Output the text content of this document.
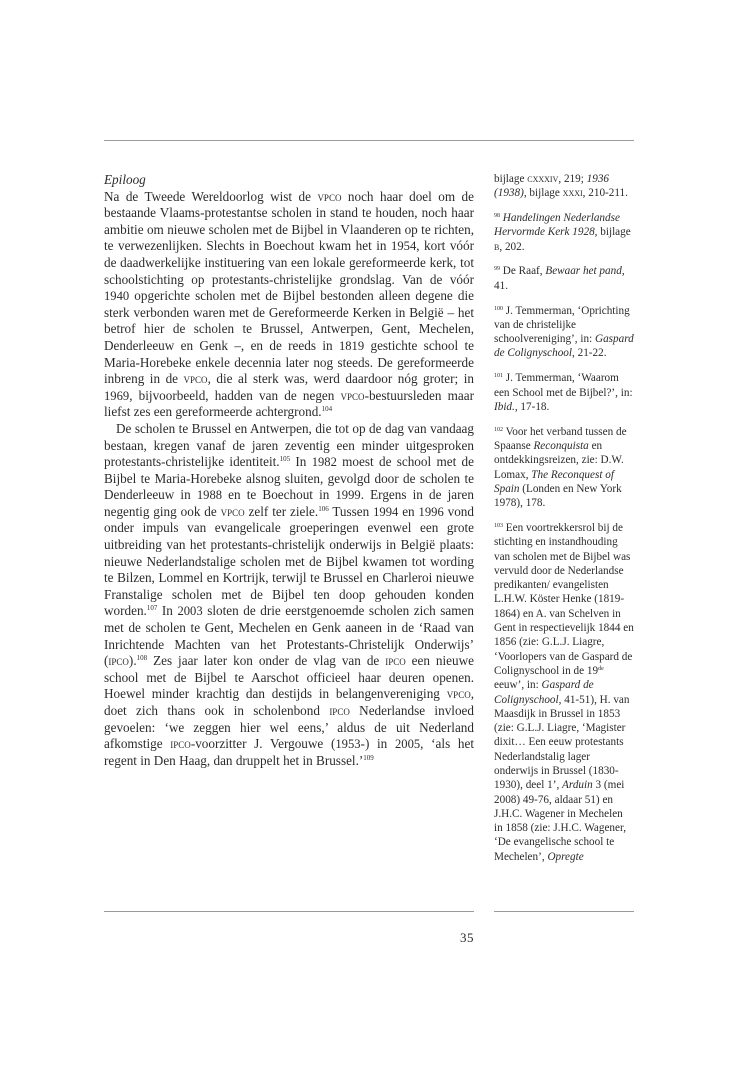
Epiloog

Na de Tweede Wereldoorlog wist de vpco noch haar doel om de bestaande Vlaams-protestantse scholen in stand te houden, noch haar ambitie om nieuwe scholen met de Bijbel in Vlaanderen op te richten, te verwezenlijken. Slechts in Boechout kwam het in 1954, kort vóór de daadwerkelijke instituering van een lokale gereformeerde kerk, tot schoolstichting op protestants-christelijke grondslag. Van de vóór 1940 opgerichte scholen met de Bijbel bestonden alleen degene die sterk verbonden waren met de Gereformeerde Kerken in België – het betrof hier de scholen te Brussel, Antwerpen, Gent, Mechelen, Denderleeuw en Genk –, en de reeds in 1819 gestichte school te Maria-Horebeke enkele decennia later nog steeds. De gereformeerde inbreng in de vpco, die al sterk was, werd daardoor nóg groter; in 1969, bijvoorbeeld, hadden van de negen vpco-bestuursleden maar liefst zes een gereformeerde achtergrond.$^{104}$

De scholen te Brussel en Antwerpen, die tot op de dag van vandaag bestaan, kregen vanaf de jaren zeventig een minder uitgesproken protestants-christelijke identiteit.$^{105}$ In 1982 moest de school met de Bijbel te Maria-Horebeke alsnog sluiten, gevolgd door de scholen te Denderleeuw in 1988 en te Boechout in 1999. Ergens in de jaren negentig ging ook de vpco zelf ter ziele.$^{106}$ Tussen 1994 en 1996 vond onder impuls van evangelicale groeperingen evenwel een grote uitbreiding van het protestants-christelijk onderwijs in België plaats: nieuwe Nederlandstalige scholen met de Bijbel kwamen tot wording te Bilzen, Lommel en Kortrijk, terwijl te Brussel en Charleroi nieuwe Franstalige scholen met de Bijbel ten doop gehouden konden worden.$^{107}$ In 2003 sloten de drie eerstgenoemde scholen zich samen met de scholen te Gent, Mechelen en Genk aaneen in de ‘Raad van Inrichtende Machten van het Protestants-Christelijk Onderwijs’ (ipco).$^{108}$ Zes jaar later kon onder de vlag van de ipco een nieuwe school met de Bijbel te Aarschot officieel haar deuren openen. Hoewel minder krachtig dan destijds in belangenvereniging vpco, doet zich thans ook in scholenbond ipco Nederlandse invloed gevoelen: ‘we zeggen hier wel eens,’ aldus de uit Nederland afkomstige ipco-voorzitter J. Vergouwe (1953-) in 2005, ‘als het regent in Den Haag, dan druppelt het in Brussel.’$^{109}$

bijlage cxxxiv, 219; 1936 (1938), bijlage xxxi, 210-211.

$^{98}$ Handelingen Nederlandse Hervormde Kerk 1928, bijlage b, 202.

$^{99}$ De Raaf, Bewaar het pand, 41.

$^{100}$ J. Temmerman, ‘Oprichting van de christelijke schoolvereniging’, in: Gaspard de Colignyschool, 21-22.

$^{101}$ J. Temmerman, ‘Waarom een School met de Bijbel?’, in: Ibid., 17-18.

$^{102}$ Voor het verband tussen de Spaanse Reconquista en ontdekkingsreizen, zie: D.W. Lomax, The Reconquest of Spain (Londen en New York 1978), 178.

$^{103}$ Een voortrekkersrol bij de stichting en instandhouding van scholen met de Bijbel was vervuld door de Nederlandse predikanten/ evangelisten L.H.W. Köster Henke (1819-1864) en A. van Schelven in Gent in respectievelijk 1844 en 1856 (zie: G.L.J. Liagre, ‘Voorlopers van de Gaspard de Colignyschool in de 19de eeuw’, in: Gaspard de Colignyschool, 41-51), H. van Maasdijk in Brussel in 1853 (zie: G.L.J. Liagre, ‘Magister dixit… Een eeuw protestants Nederlandstalig lager onderwijs in Brussel (1830-1930), deel 1’, Arduin 3 (mei 2008) 49-76, aldaar 51) en J.H.C. Wagener in Mechelen in 1858 (zie: J.H.C. Wagener, ‘De evangelische school te Mechelen’, Opregte

35
